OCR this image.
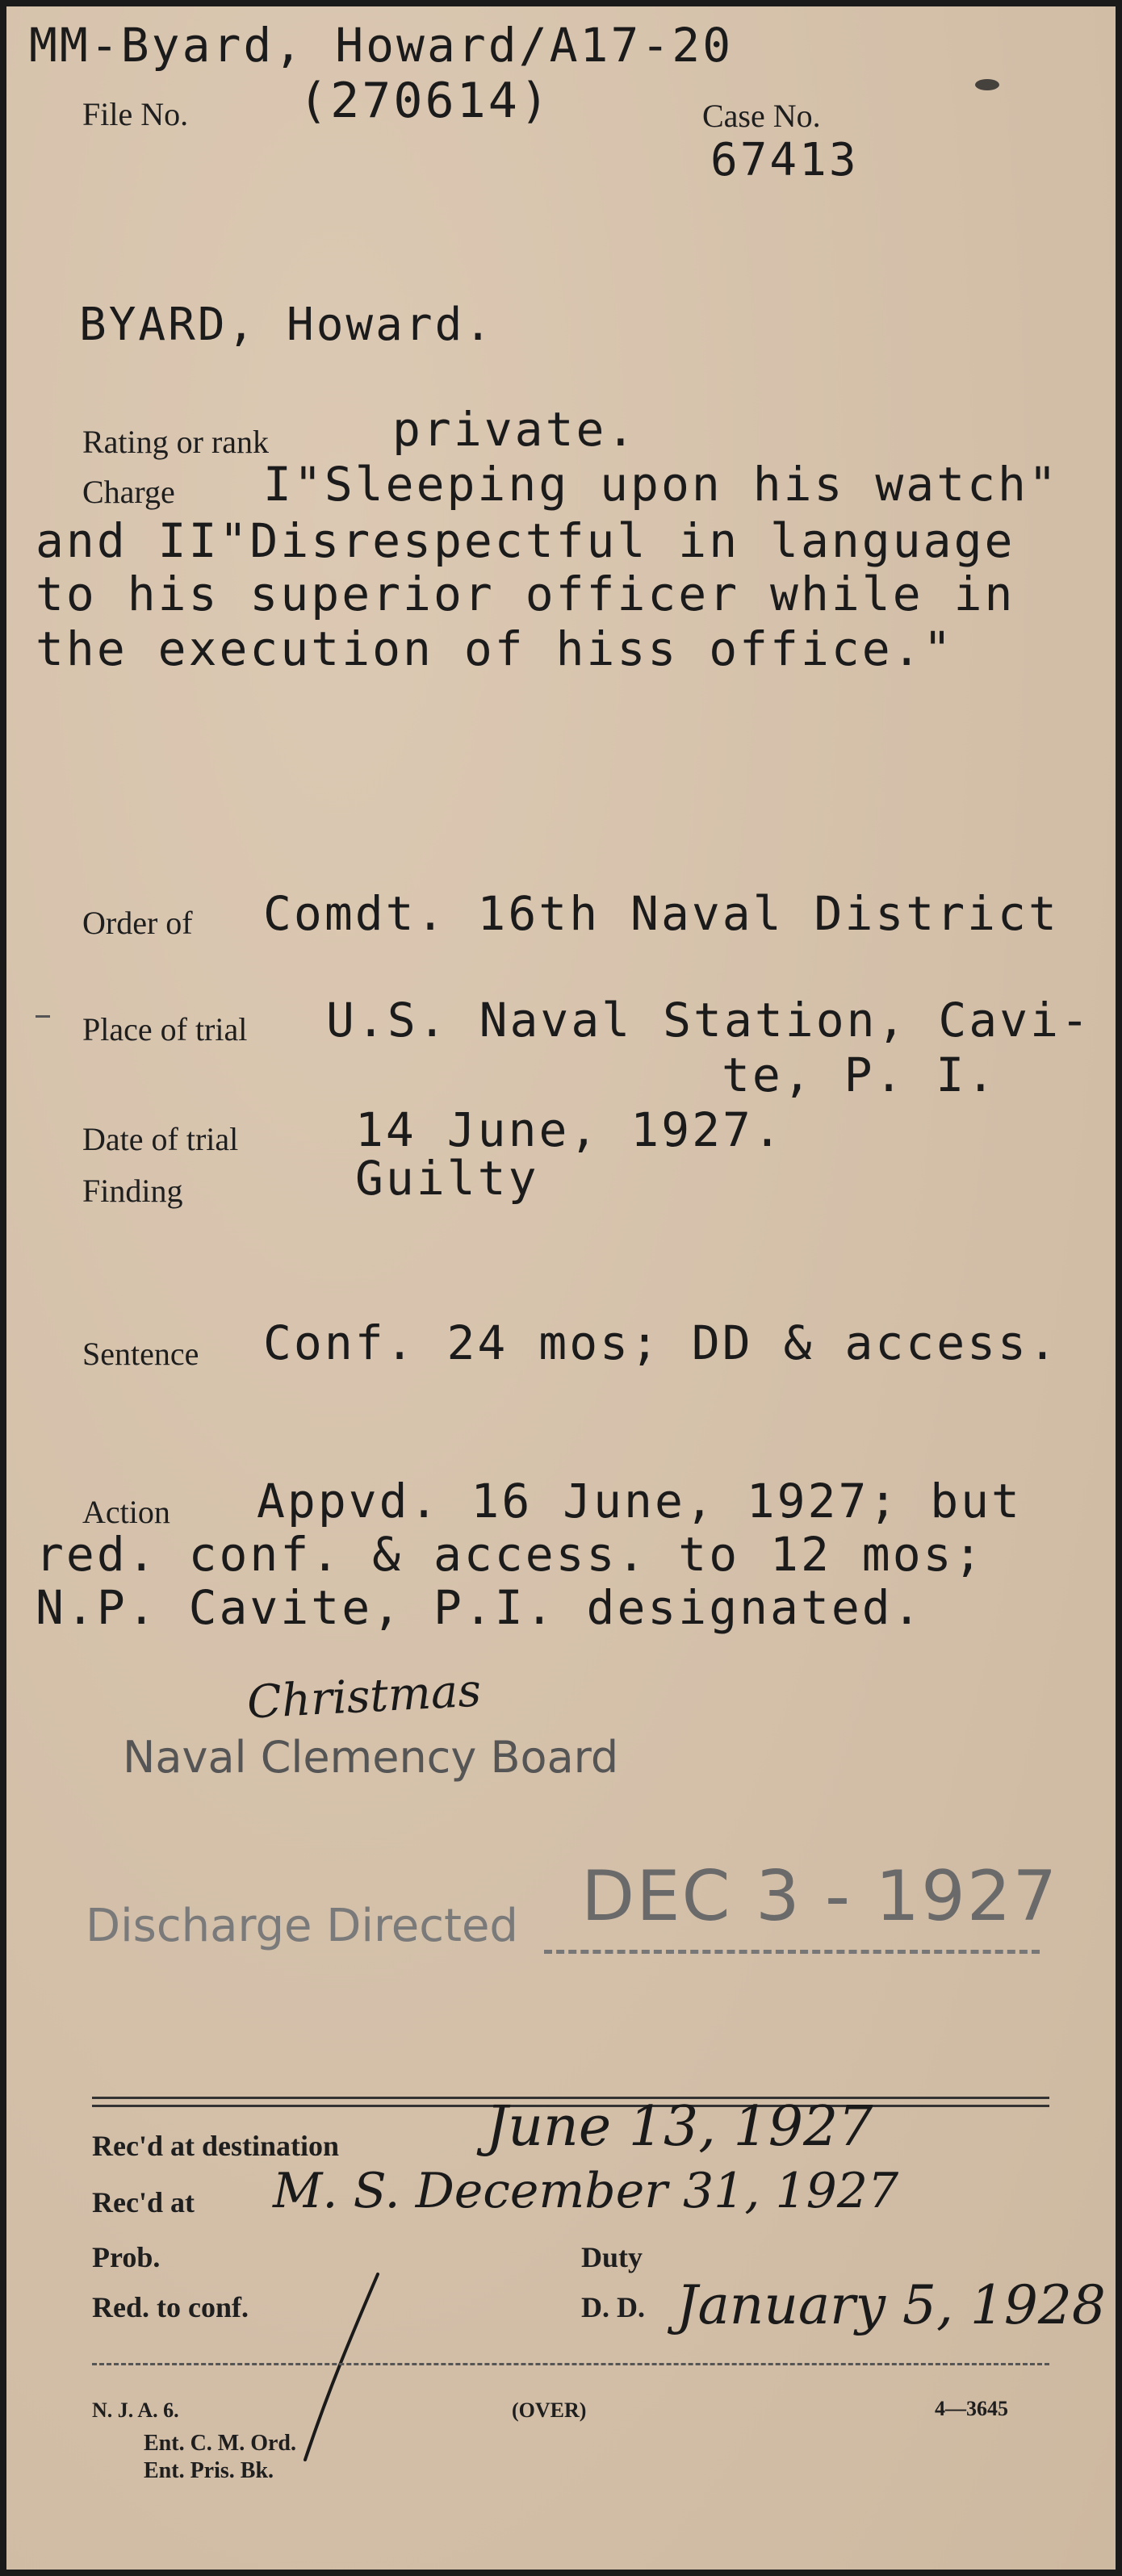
MM-Byard, Howard/A17-20
File No. (270614)	Case No.
67413
BYARD, Howard.
Rating or rank	private.
Charge I"Sleeping upon his watch"
and II"Disrespectful in language
to his superior officer while in
the execution of hiss office."
Order of Comdt. 16th Naval District
Place of trial U.S. Naval Station, Cavi-
te, P. I.
Date of trial 14 June, 1927.
Finding	Guilty
Sentence Conf. 24 mos; DD & access.
Action Appvd. 16 June, 1927; but
red. conf. & access. to 12 mos;
N.P. Cavite, P.I. designated.
Christmas
Naval Clemency Board
Discharge Directed DEC 3 - 1927
Rec'd at destination	June 13, 1927
Rec'd at M. S. December 31, 1927
Prob.	Duty
Red. to conf.	D. D. January 5, 1928
N. J. A. 6.	(OVER)	4—3645
Ent. C. M. Ord.
Ent. Pris. Bk.
